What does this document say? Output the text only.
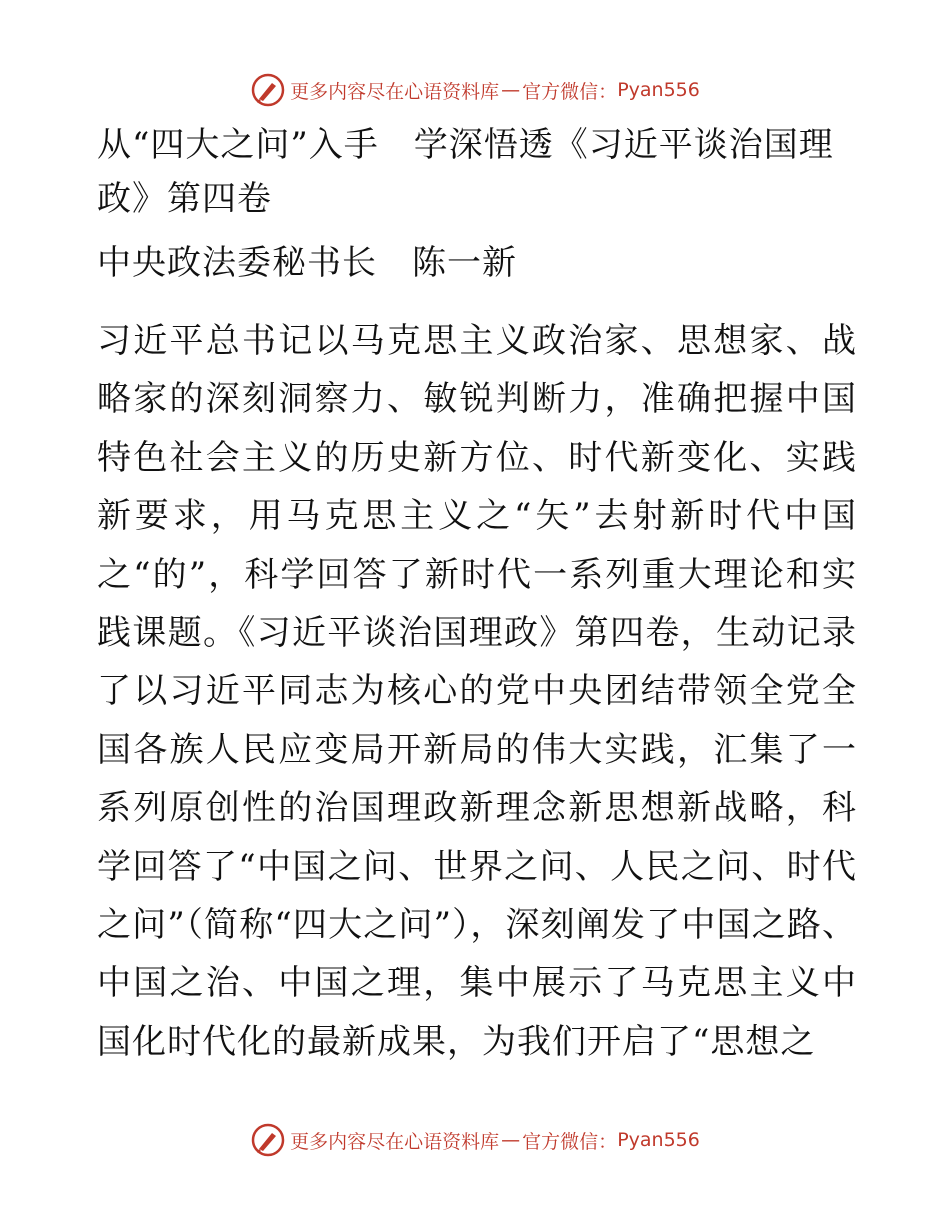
更多内容尽在心语资料库 — 官方微信： Pyan556
从“四大之问”入手　学深悟透《习近平谈治国理政》第四卷

中央政法委秘书长　陈一新

习近平总书记以马克思主义政治家、思想家、战略家的深刻洞察力、敏锐判断力，准确把握中国特色社会主义的历史新方位、时代新变化、实践新要求，用马克思主义之“矢”去射新时代中国之“的”，科学回答了新时代一系列重大理论和实践课题。《习近平谈治国理政》第四卷，生动记录了以习近平同志为核心的党中央团结带领全党全国各族人民应变局开新局的伟大实践，汇集了一系列原创性的治国理政新理念新思想新战略，科学回答了“中国之问、世界之问、人民之问、时代之问”（简称“四大之问”），深刻阐发了中国之路、中国之治、中国之理，集中展示了马克思主义中国化时代化的最新成果，为我们开启了“思想之

更多内容尽在心语资料库 — 官方微信： Pyan556
